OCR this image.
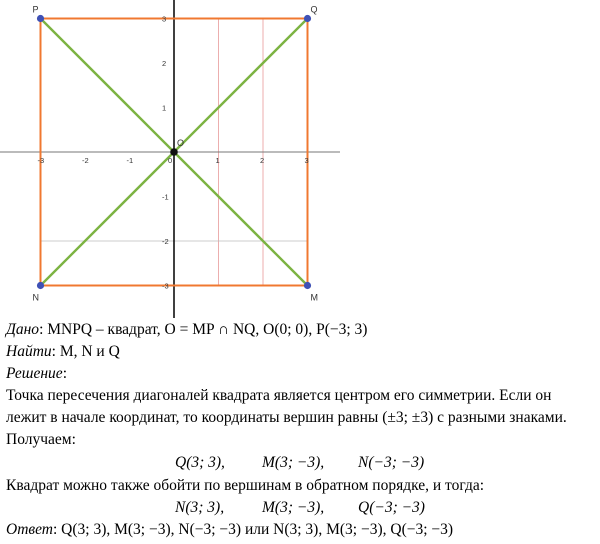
-3	-2	-1	0	1	2	3
3
2
1
-1
-2
-3
P	Q
N	M
O
Дано: MNPQ – квадрат, O = MP ∩ NQ, O(0; 0), P(−3; 3)
Найти: M, N и Q
Решение:
Точка пересечения диагоналей квадрата является центром его симметрии. Если он
лежит в начале координат, то координаты вершин равны (±3; ±3) с разными знаками.
Получаем:
Q(3; 3), M(3; −3), N(−3; −3)
Квадрат можно также обойти по вершинам в обратном порядке, и тогда:
N(3; 3), M(3; −3), Q(−3; −3)
Ответ: Q(3; 3), M(3; −3), N(−3; −3) или N(3; 3), M(3; −3), Q(−3; −3)
